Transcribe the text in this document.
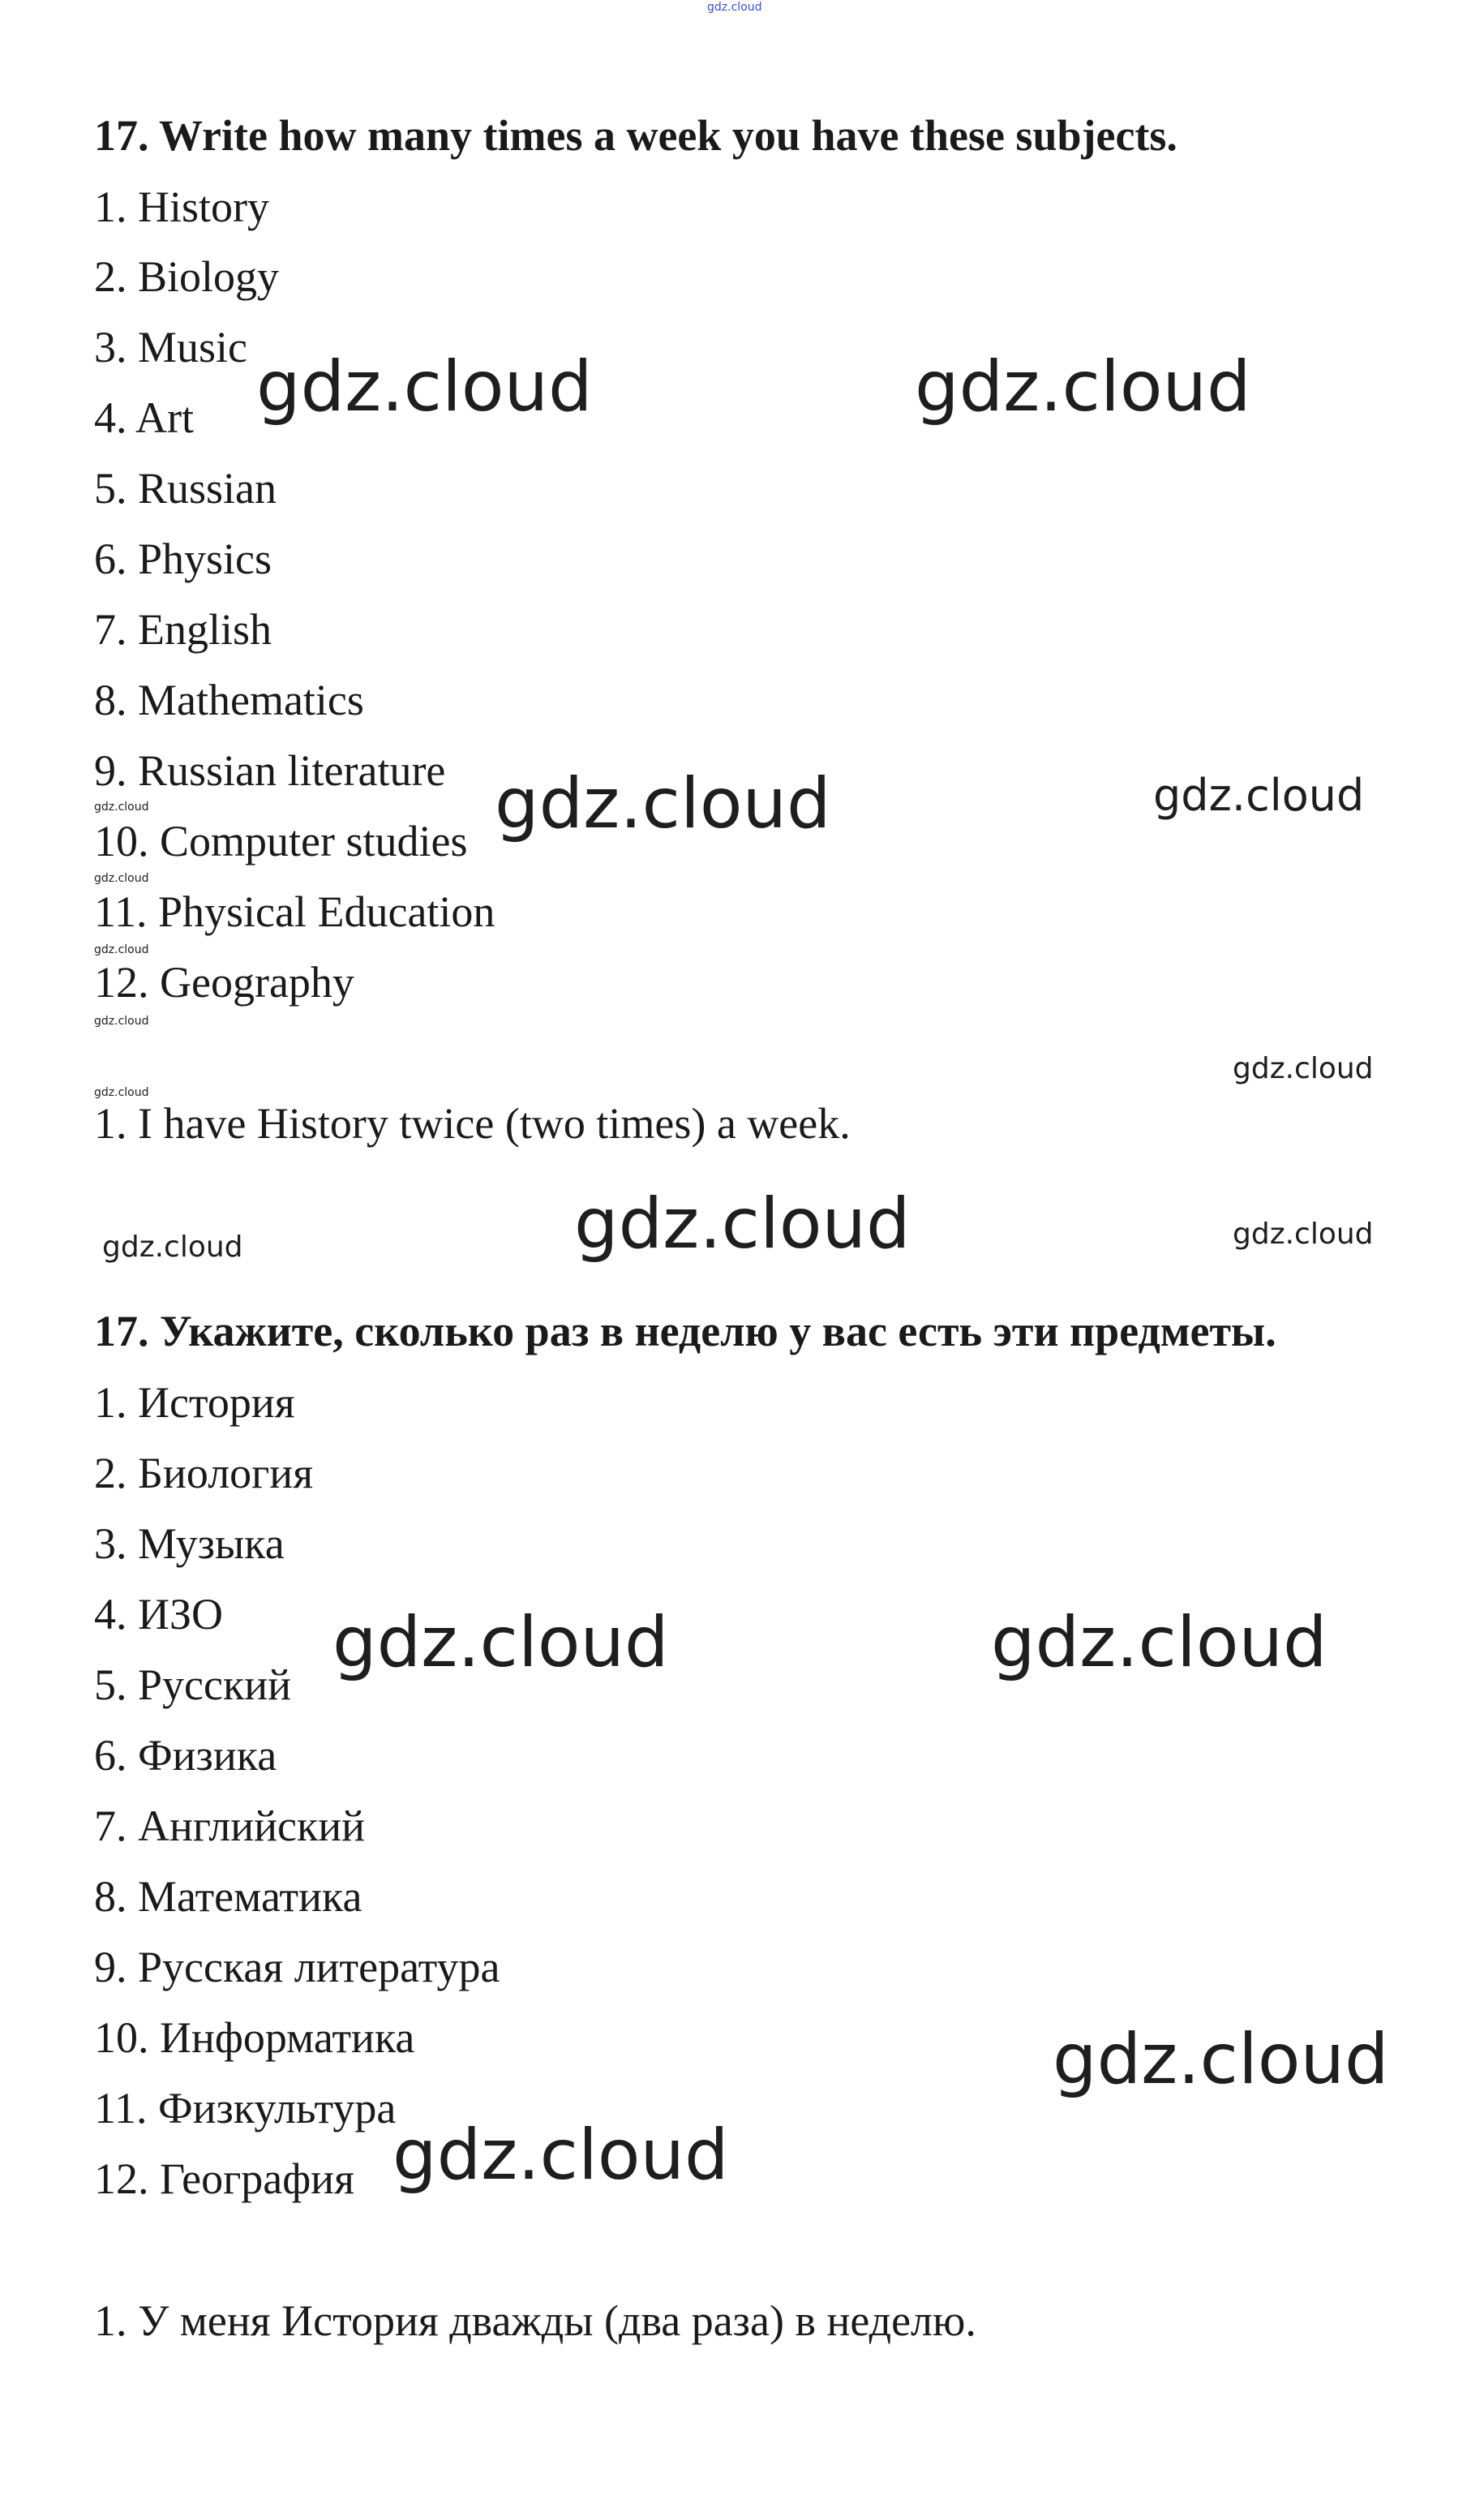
gdz.cloud
17. Write how many times a week you have these subjects.
1. History
2. Biology
3. Music
4. Art
5. Russian
6. Physics
7. English
8. Mathematics
9. Russian literature
10. Computer studies
11. Physical Education
12. Geography
1. I have History twice (two times) a week.
17. Укажите, сколько раз в неделю у вас есть эти предметы.
1. История
2. Биология
3. Музыка
4. ИЗО
5. Русский
6. Физика
7. Английский
8. Математика
9. Русская литература
10. Информатика
11. Физкультура
12. География
1. У меня История дважды (два раза) в неделю.
gdz.cloud	gdz.cloud
gdz.cloud
gdz.cloud
gdz.cloud	gdz.cloud
gdz.cloud
gdz.cloud
gdz.cloud
gdz.cloud
gdz.cloud
gdz.cloud
gdz.cloud
gdz.cloud
gdz.cloud
gdz.cloud
gdz.cloud
